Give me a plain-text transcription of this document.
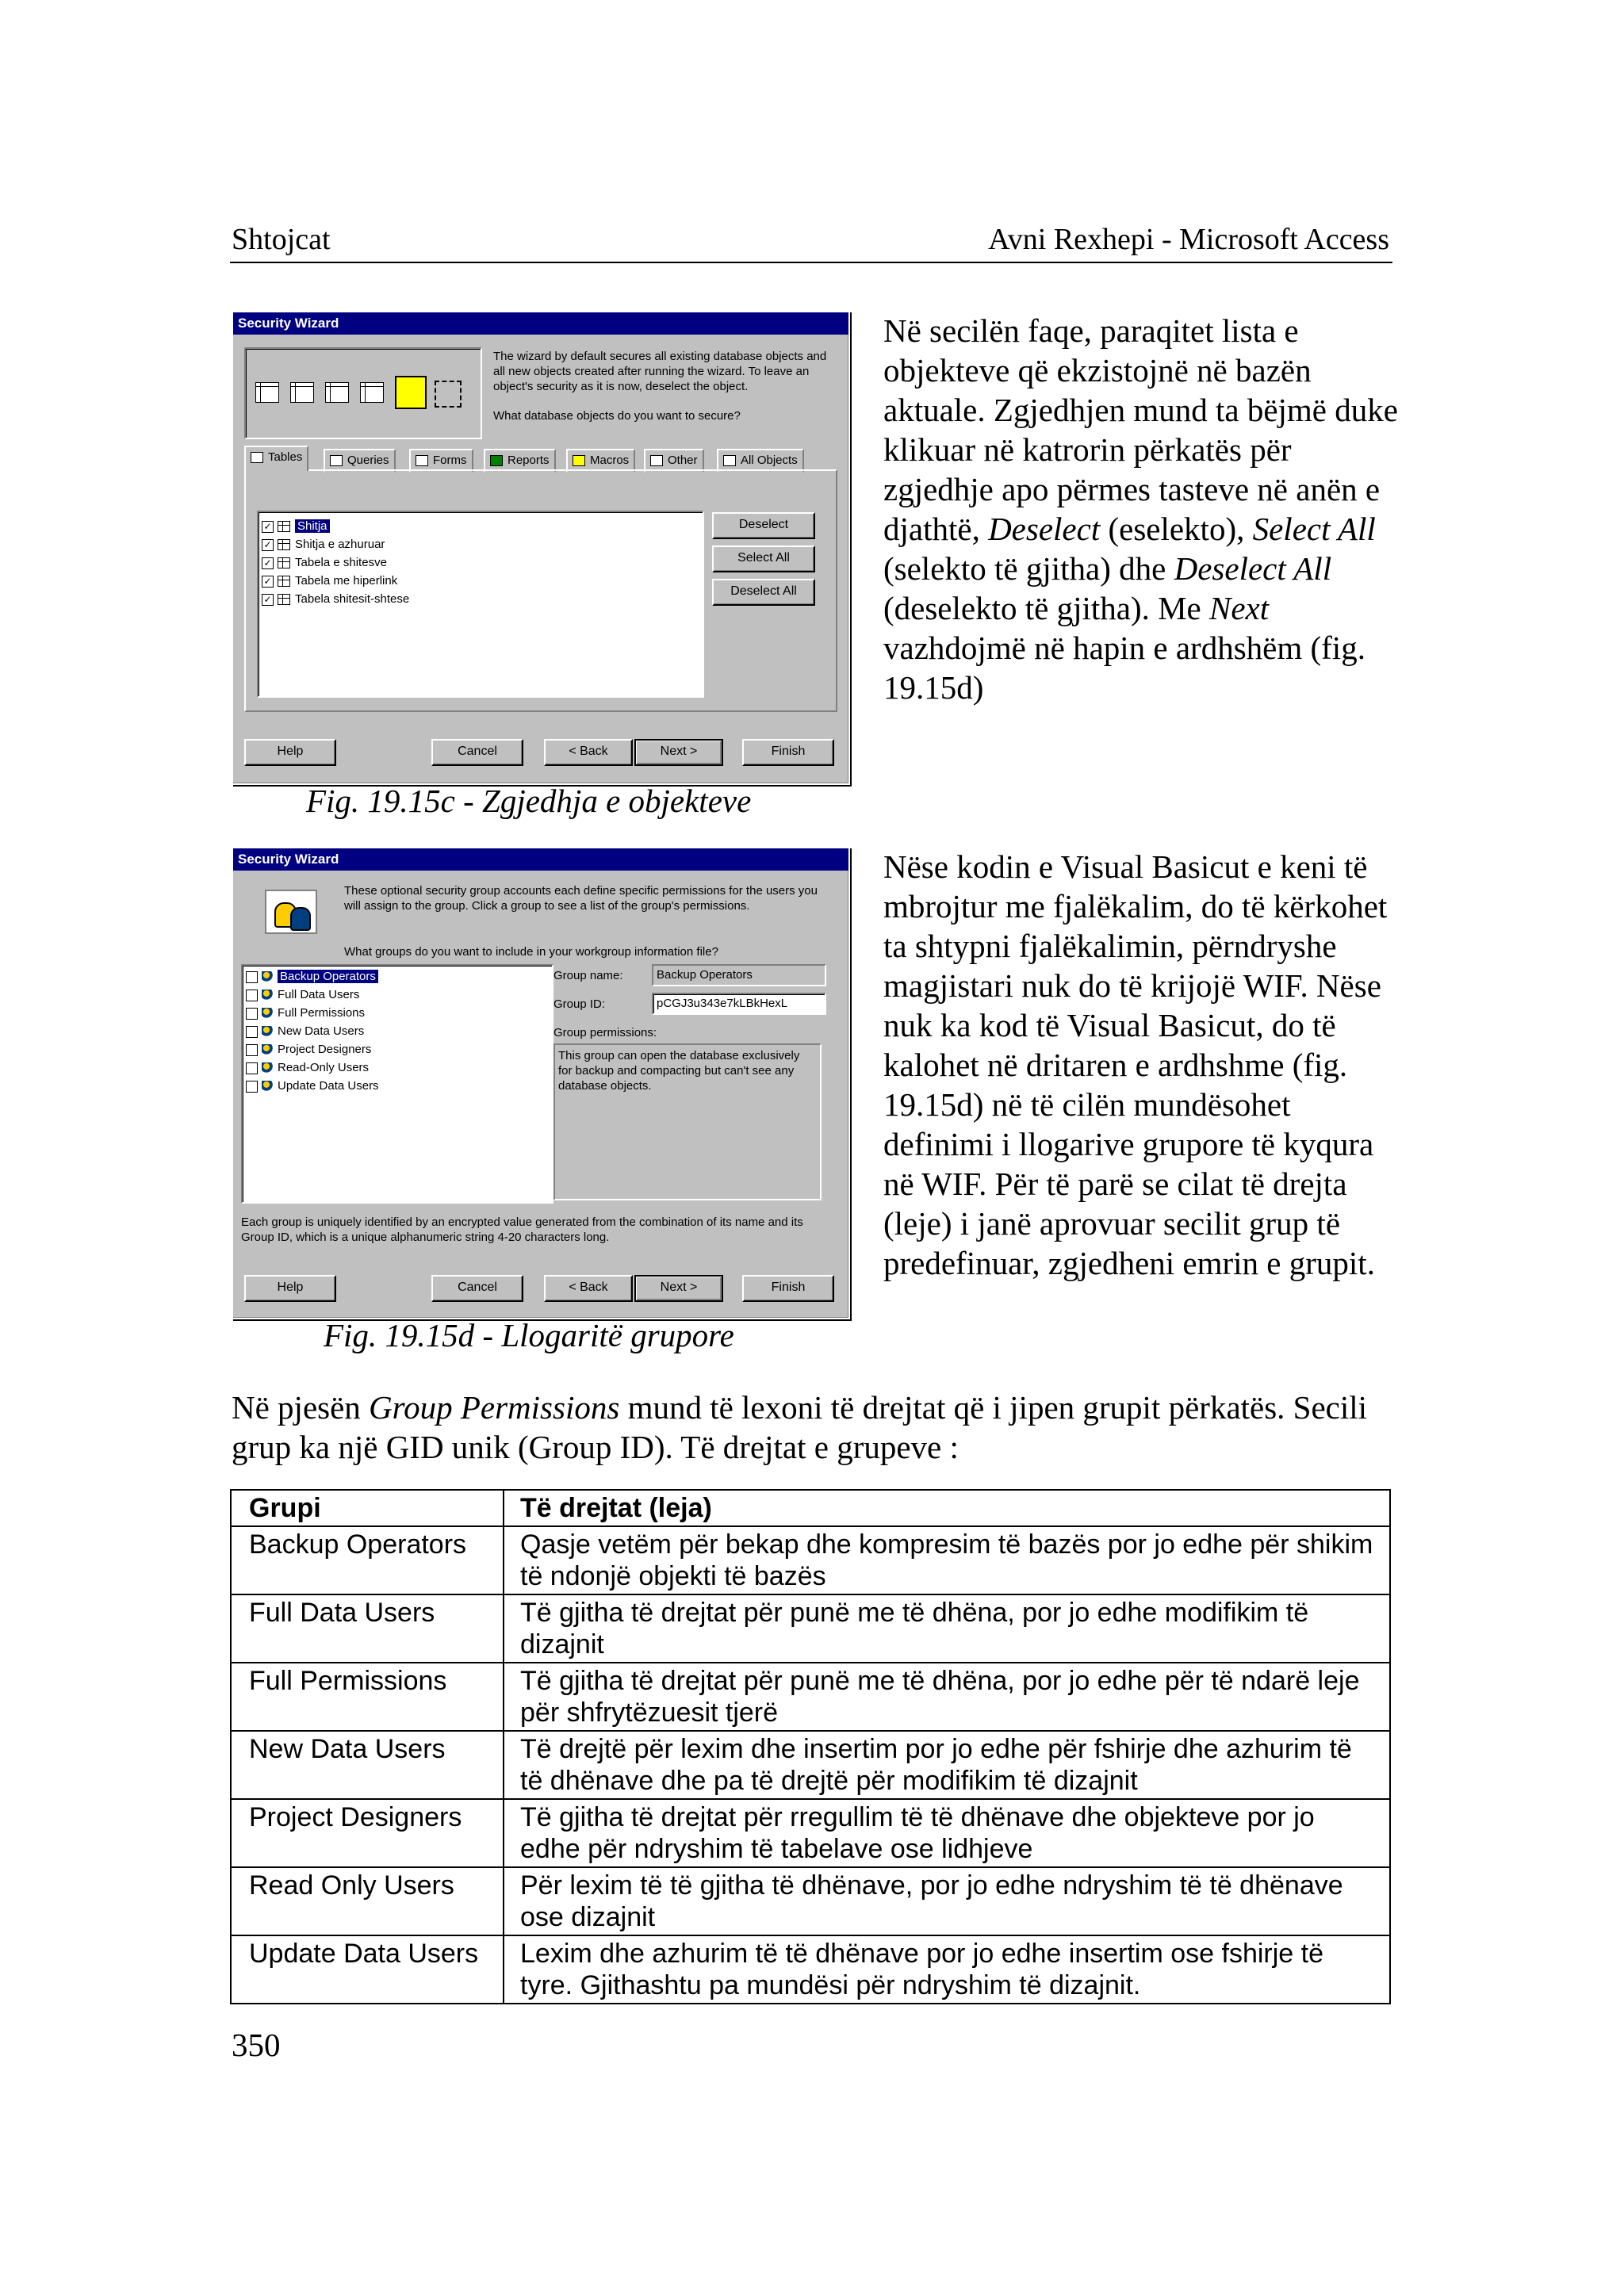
Shtojcat	Avni Rexhepi - Microsoft Access
Security Wizard
The wizard by default secures all existing database objects and all new objects created after running the wizard. To leave an object's security as it is now, deselect the object.
What database objects do you want to secure?
Tables	Queries	Forms	Reports	Macros	Other	All Objects
✓ Shitja
✓ Shitja e azhuruar
✓ Tabela e shitesve
✓ Tabela me hiperlink
✓ Tabela shitesit-shtese
Deselect
Select All
Deselect All
Help	Cancel	< Back	Next >	Finish
Fig. 19.15c - Zgjedhja e objekteve
Në secilën faqe, paraqitet lista e objekteve që ekzistojnë në bazën aktuale. Zgjedhjen mund ta bëjmë duke klikuar në katrorin përkatës për zgjedhje apo përmes tasteve në anën e djathtë, Deselect (eselekto), Select All (selekto të gjitha) dhe Deselect All (deselekto të gjitha). Me Next vazhdojmë në hapin e ardhshëm (fig. 19.15d)
Security Wizard
These optional security group accounts each define specific permissions for the users you will assign to the group. Click a group to see a list of the group's permissions.
What groups do you want to include in your workgroup information file?
Backup Operators
Full Data Users
Full Permissions
New Data Users
Project Designers
Read-Only Users
Update Data Users
Group name:	Backup Operators
Group ID:	pCGJ3u343e7kLBkHexL
Group permissions:
This group can open the database exclusively for backup and compacting but can't see any database objects.
Each group is uniquely identified by an encrypted value generated from the combination of its name and its Group ID, which is a unique alphanumeric string 4-20 characters long.
Help	Cancel	< Back	Next >	Finish
Fig. 19.15d - Llogaritë grupore
Nëse kodin e Visual Basicut e keni të mbrojtur me fjalëkalim, do të kërkohet ta shtypni fjalëkalimin, përndryshe magjistari nuk do të krijojë WIF. Nëse nuk ka kod të Visual Basicut, do të kalohet në dritaren e ardhshme (fig. 19.15d) në të cilën mundësohet definimi i llogarive grupore të kyqura në WIF. Për të parë se cilat të drejta (leje) i janë aprovuar secilit grup të predefinuar, zgjedheni emrin e grupit.
Në pjesën Group Permissions mund të lexoni të drejtat që i jipen grupit përkatës. Secili grup ka një GID unik (Group ID). Të drejtat e grupeve :
Grupi	Të drejtat (leja)
Backup Operators	Qasje vetëm për bekap dhe kompresim të bazës por jo edhe për shikim të ndonjë objekti të bazës
Full Data Users	Të gjitha të drejtat për punë me të dhëna, por jo edhe modifikim të dizajnit
Full Permissions	Të gjitha të drejtat për punë me të dhëna, por jo edhe për të ndarë leje për shfrytëzuesit tjerë
New Data Users	Të drejtë për lexim dhe insertim por jo edhe për fshirje dhe azhurim të të dhënave dhe pa të drejtë për modifikim të dizajnit
Project Designers	Të gjitha të drejtat për rregullim të të dhënave dhe objekteve por jo edhe për ndryshim të tabelave ose lidhjeve
Read Only Users	Për lexim të të gjitha të dhënave, por jo edhe ndryshim të të dhënave ose dizajnit
Update Data Users	Lexim dhe azhurim të të dhënave por jo edhe insertim ose fshirje të tyre. Gjithashtu pa mundësi për ndryshim të dizajnit.
350
